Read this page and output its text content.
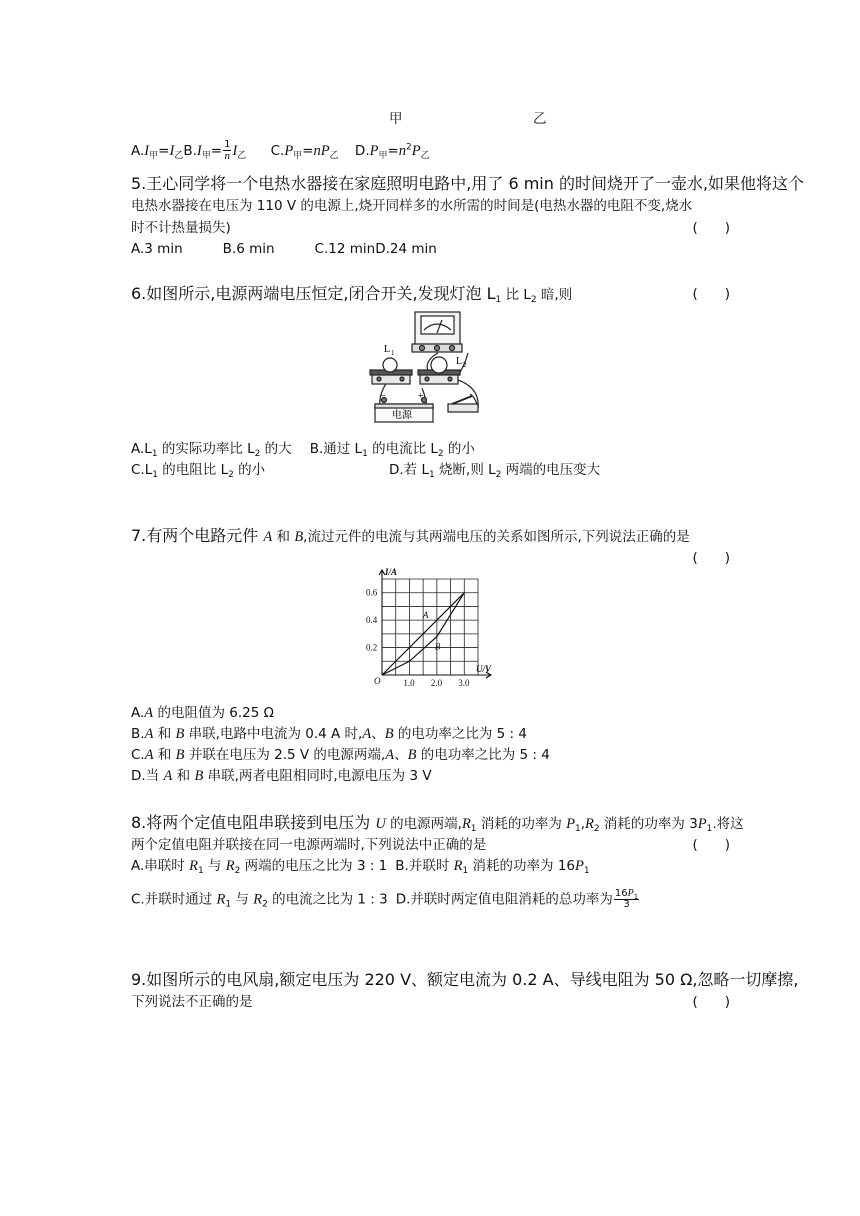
甲	乙
$A.I_甲=I_乙B.I_甲= \frac{1}{n} I_乙$ $C.P_甲=nP_乙$ $D.P_甲=n^2P_乙$
5.王心同学将一个电热水器接在家庭照明电路中,用了 6 min 的时间烧开了一壶水,如果他将这个
电热水器接在电压为 110 V 的电源上,烧开同样多的水所需的时间是(电热水器的电阻不变,烧水
时不计热量损失)	(　　)
A.3 min	B.6 min	C.12 minD.24 min
6.如图所示,电源两端电压恒定,闭合开关,发现灯泡 $L_1$ 比 $L_2$ 暗,则	(　　)
L 1
L 2
−	+
电源
$A.L_1$ 的实际功率比 $L_2$ 的大 B.通过 $L_1$ 的电流比 $L_2$ 的小
$C.L_1$ 的电阻比 $L_2$ 的小	D.若 $L_1$ 烧断,则 $L_2$ 两端的电压变大
7.有两个电路元件 A 和 B,流过元件的电流与其两端电压的关系如图所示,下列说法正确的是
(　　)
1.0 2.0 3.0
0.2
0.4
0.6
O
I/A
U/V
A
B
A.A 的电阻值为 6.25 Ω
B.A 和 B 串联,电路中电流为 0.4 A 时,A、B 的电功率之比为 5 : 4
C.A 和 B 并联在电压为 2.5 V 的电源两端,A、B 的电功率之比为 5 : 4
D.当 A 和 B 串联,两者电阻相同时,电源电压为 3 V
8.将两个定值电阻串联接到电压为 U 的电源两端$,R_1$ 消耗的功率为 $P_1,R_2$ 消耗的功率为 $3P_1$.将这
两个定值电阻并联接在同一电源两端时,下列说法中正确的是	(　　)
A.串联时 $R_1$ 与 $R_2$ 两端的电压之比为 3 : 1 B.并联时 $R_1$ 消耗的功率为 $16P_1$
C.并联时通过 $R_1$ 与 $R_2$ 的电流之比为 1 : 3 D.并联时两定值电阻消耗的总功率为 $\frac{16P_1}{3}$
9.如图所示的电风扇,额定电压为 220 V、额定电流为 0.2 A、导线电阻为 50 Ω,忽略一切摩擦,
下列说法不正确的是	(　　)
